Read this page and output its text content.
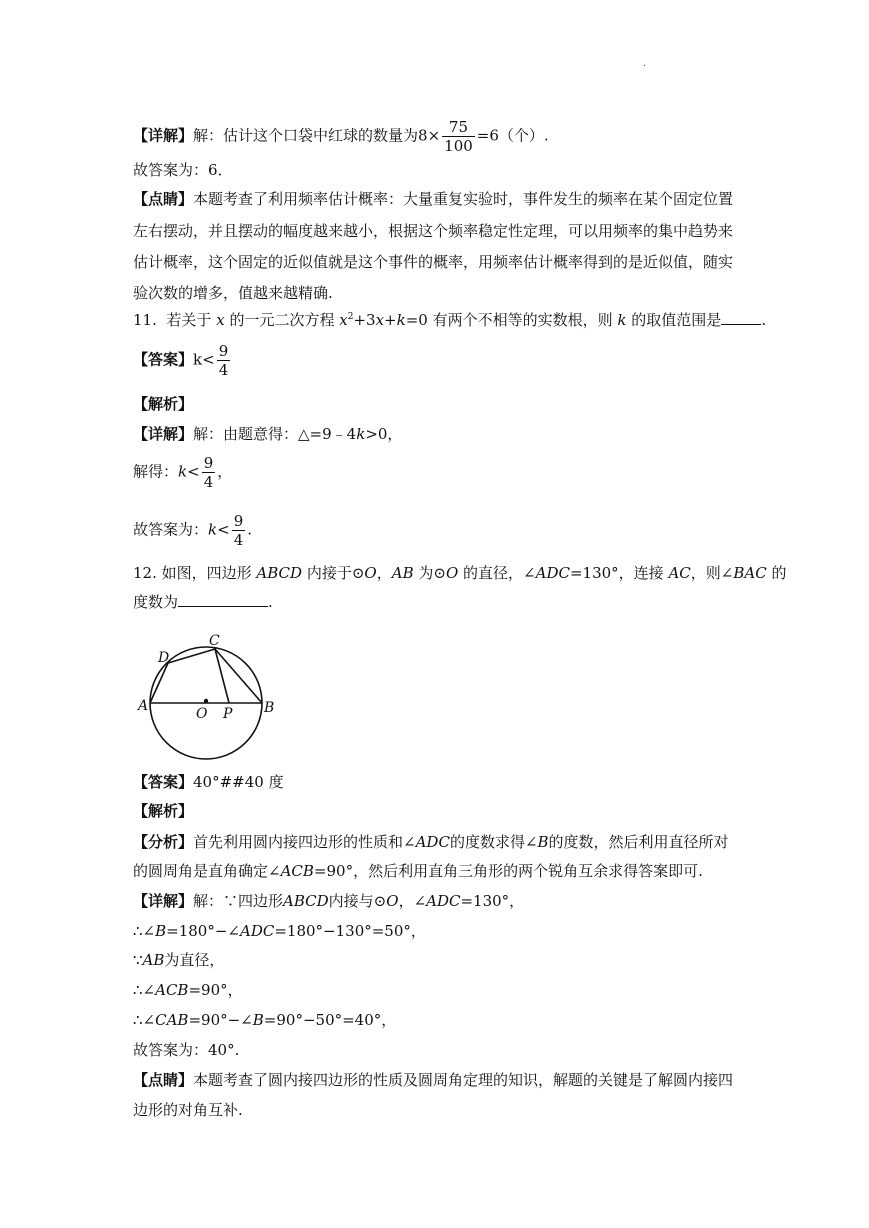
.
【详解】解：估计这个口袋中红球的数量为$8\times \frac{75}{100} =6$（个）.
故答案为：6．
【点睛】本题考查了利用频率估计概率：大量重复实验时，事件发生的频率在某个固定位置
左右摆动，并且摆动的幅度越来越小，根据这个频率稳定性定理，可以用频率的集中趋势来
估计概率，这个固定的近似值就是这个事件的概率，用频率估计概率得到的是近似值，随实
验次数的增多，值越来越精确.
11. 若关于 x 的一元二次方程 $x^2+3x+k=0$ 有两个不相等的实数根，则 k 的取值范围是	.
【答案】$k< \frac{9}{4}$
【解析】
【详解】解：由题意得：△=9﹣4k>0，
解得：$k< \frac{9}{4}$ ，
故答案为：$k< \frac{9}{4}$ .
12. 如图，四边形 ABCD 内接于⊙O，AB 为⊙O 的直径，∠ADC=130°，连接 AC，则∠BAC 的
度数为	.
A	B
C
D
O P
【答案】40°##40 度
【解析】
【分析】首先利用圆内接四边形的性质和∠ADC的度数求得∠B的度数，然后利用直径所对
的圆周角是直角确定∠ACB=90°，然后利用直角三角形的两个锐角互余求得答案即可.
【详解】解：∵四边形ABCD内接与⊙O，∠ADC=130°，
∴∠B=180°−∠ADC=180°−130°=50°，
∵AB为直径，
∴∠ACB=90°，
∴∠CAB=90°−∠B=90°−50°=40°，
故答案为：40°.
【点睛】本题考查了圆内接四边形的性质及圆周角定理的知识，解题的关键是了解圆内接四
边形的对角互补.
